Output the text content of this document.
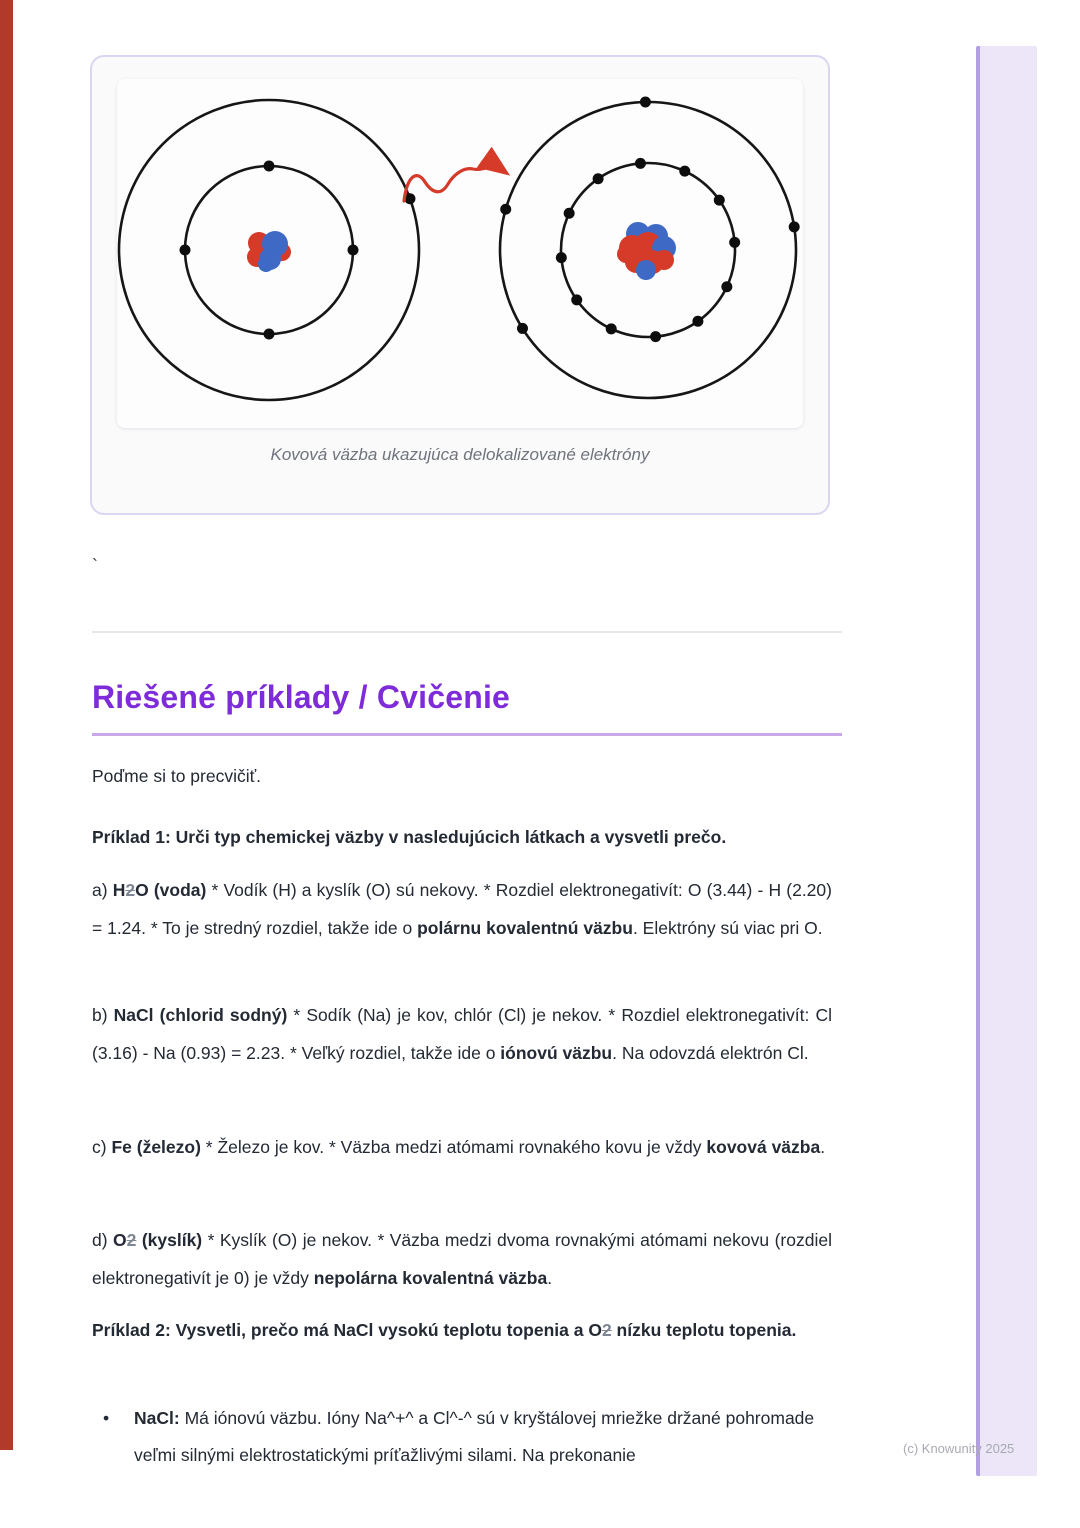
Kovová väzba ukazujúca delokalizované elektróny
`
Riešené príklady / Cvičenie

Poďme si to precvičiť.

Príklad 1: Urči typ chemickej väzby v nasledujúcich látkach a vysvetli prečo.

a) H2O (voda) * Vodík (H) a kyslík (O) sú nekovy. * Rozdiel elektronegativít: O (3.44) - H (2.20) = 1.24. * To je stredný rozdiel, takže ide o polárnu kovalentnú väzbu. Elektróny sú viac pri O.

b) NaCl (chlorid sodný) * Sodík (Na) je kov, chlór (Cl) je nekov. * Rozdiel elektronegativít: Cl (3.16) - Na (0.93) = 2.23. * Veľký rozdiel, takže ide o iónovú väzbu. Na odovzdá elektrón Cl.

c) Fe (železo) * Železo je kov. * Väzba medzi atómami rovnakého kovu je vždy kovová väzba.

d) O2 (kyslík) * Kyslík (O) je nekov. * Väzba medzi dvoma rovnakými atómami nekovu (rozdiel elektronegativít je 0) je vždy nepolárna kovalentná väzba.

Príklad 2: Vysvetli, prečo má NaCl vysokú teplotu topenia a O2 nízku teplotu topenia.

•	NaCl: Má iónovú väzbu. Ióny Na^+^ a Cl^-^ sú v kryštálovej mriežke držané pohromade veľmi silnými elektrostatickými príťažlivými silami. Na prekonanie	(c) Knowunity 2025
